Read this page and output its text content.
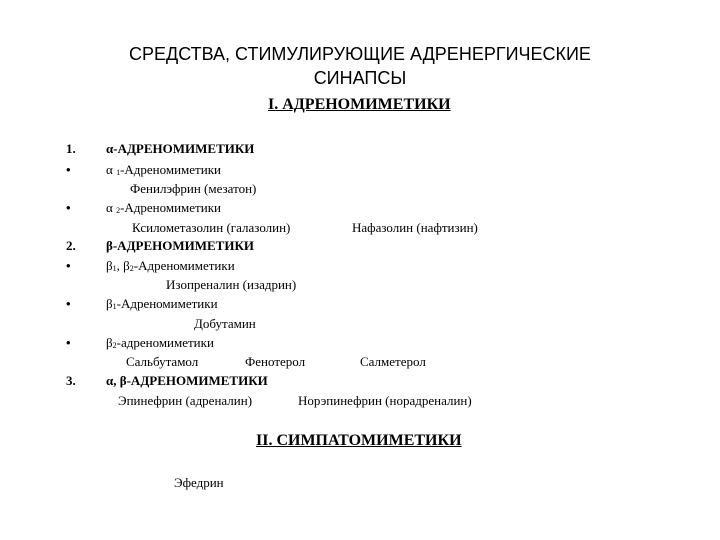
СРЕДСТВА, СТИМУЛИРУЮЩИЕ АДРЕНЕРГИЧЕСКИЕ
СИНАПСЫ
I. АДРЕНОМИМЕТИКИ
1. α-АДРЕНОМИМЕТИКИ
•	α $_1$-Адреномиметики
Фенилэфрин (мезатон)
•	α $_2$-Адреномиметики
Ксилометазолин (галазолин)	Нафазолин (нафтизин)
2. β-АДРЕНОМИМЕТИКИ
•	$\beta_1$, $\beta_2$-Адреномиметики
Изопреналин (изадрин)
•	$\beta_1$-Адреномиметики
Добутамин
•	$\beta_2$-адреномиметики
Сальбутамол	Фенотерол	Салметерол
3. α, β-АДРЕНОМИМЕТИКИ
Эпинефрин (адреналин)	Норэпинефрин (норадреналин)
II. СИМПАТОМИМЕТИКИ
Эфедрин
